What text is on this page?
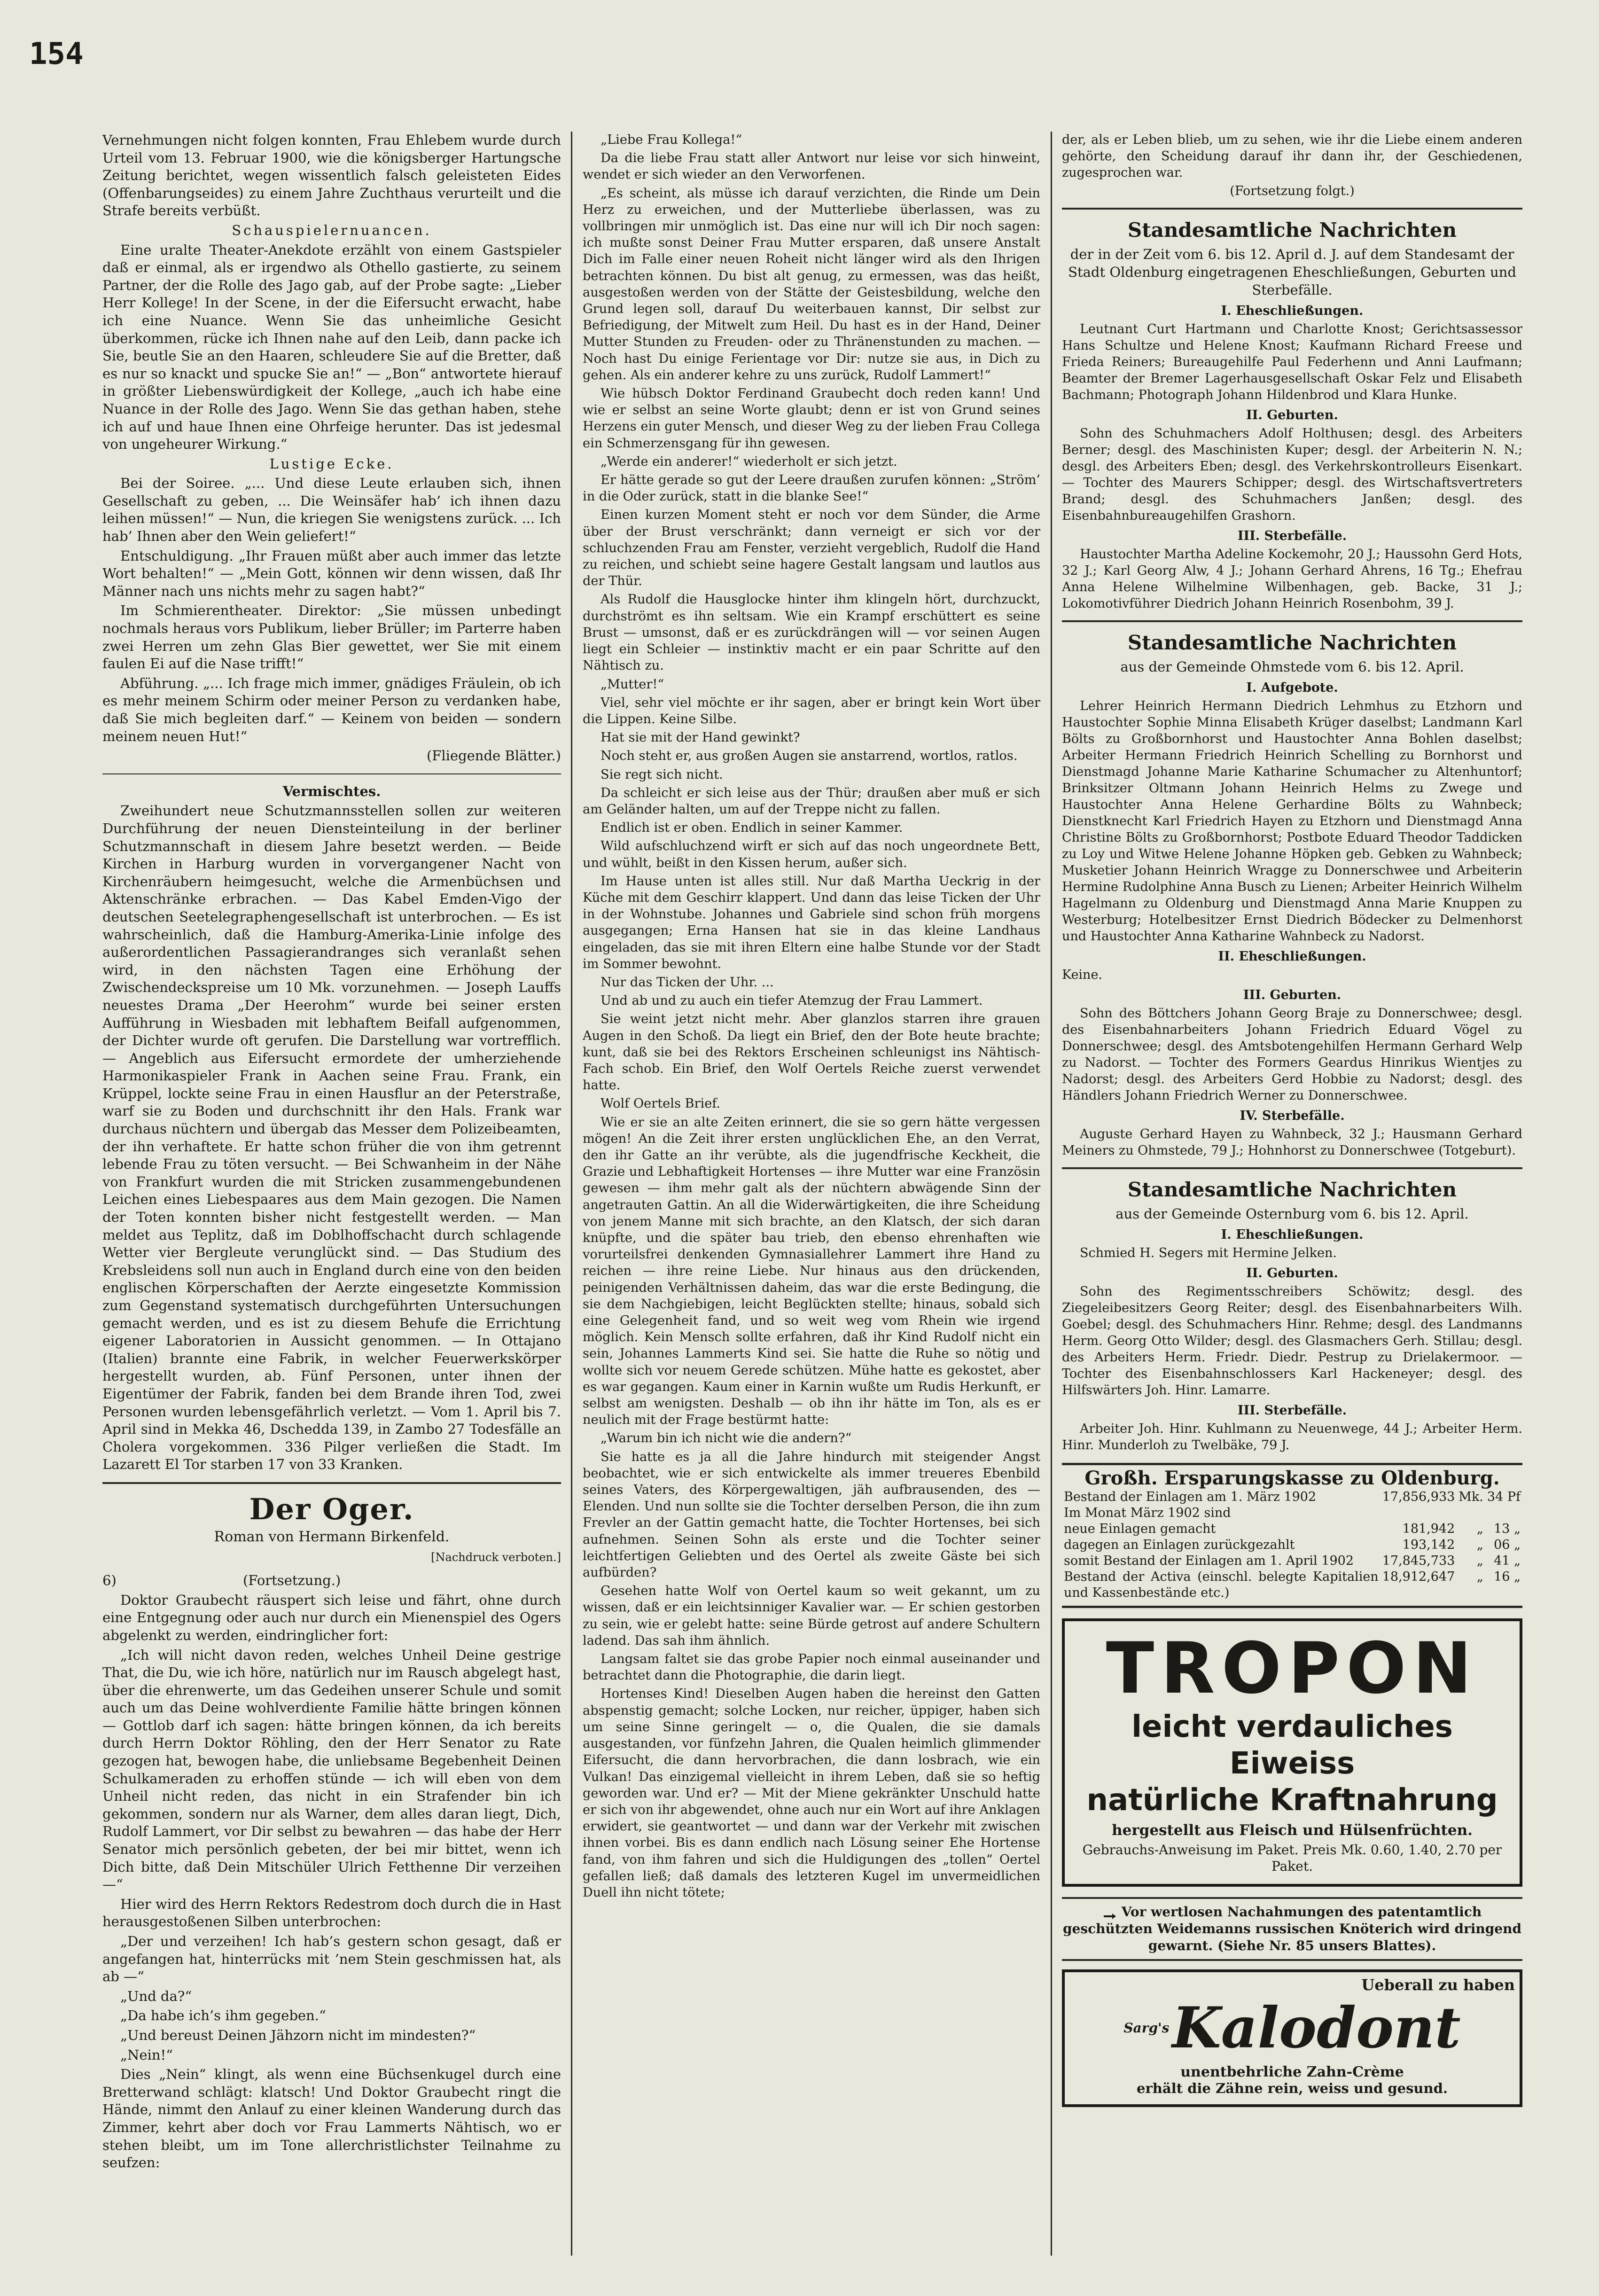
154

Vernehmungen nicht folgen konnten, Frau Ehlebem wurde durch Urteil vom 13. Februar 1900, wie die königsberger Hartungsche Zeitung berichtet, wegen wissentlich falsch geleisteten Eides (Offenbarungseides) zu einem Jahre Zuchthaus verurteilt und die Strafe bereits verbüßt.

Schauspielernuancen.

Eine uralte Theater-Anekdote erzählt von einem Gastspieler daß er einmal, als er irgendwo als Othello gastierte, zu seinem Partner, der die Rolle des Jago gab, auf der Probe sagte: „Lieber Herr Kollege! In der Scene, in der die Eifersucht erwacht, habe ich eine Nuance. Wenn Sie das unheimliche Gesicht überkommen, rücke ich Ihnen nahe auf den Leib, dann packe ich Sie, beutle Sie an den Haaren, schleudere Sie auf die Bretter, daß es nur so knackt und spucke Sie an!“ — „Bon“ antwortete hierauf in größter Liebenswürdigkeit der Kollege, „auch ich habe eine Nuance in der Rolle des Jago. Wenn Sie das gethan haben, stehe ich auf und haue Ihnen eine Ohrfeige herunter. Das ist jedesmal von ungeheurer Wirkung.“

Lustige Ecke.

Bei der Soiree. „... Und diese Leute erlauben sich, ihnen Gesellschaft zu geben, ... Die Weinsäfer hab’ ich ihnen dazu leihen müssen!“ — Nun, die kriegen Sie wenigstens zurück. ... Ich hab’ Ihnen aber den Wein geliefert!“

Entschuldigung. „Ihr Frauen müßt aber auch immer das letzte Wort behalten!“ — „Mein Gott, können wir denn wissen, daß Ihr Männer nach uns nichts mehr zu sagen habt?“

Im Schmierentheater. Direktor: „Sie müssen unbedingt nochmals heraus vors Publikum, lieber Brüller; im Parterre haben zwei Herren um zehn Glas Bier gewettet, wer Sie mit einem faulen Ei auf die Nase trifft!“

Abführung. „... Ich frage mich immer, gnädiges Fräulein, ob ich es mehr meinem Schirm oder meiner Person zu verdanken habe, daß Sie mich begleiten darf.“ — Keinem von beiden — sondern meinem neuen Hut!“

(Fliegende Blätter.)

Vermischtes.

Zweihundert neue Schutzmannsstellen sollen zur weiteren Durchführung der neuen Diensteinteilung in der berliner Schutzmannschaft in diesem Jahre besetzt werden. — Beide Kirchen in Harburg wurden in vorvergangener Nacht von Kirchenräubern heimgesucht, welche die Armenbüchsen und Aktenschränke erbrachen. — Das Kabel Emden-Vigo der deutschen Seetelegraphengesellschaft ist unterbrochen. — Es ist wahrscheinlich, daß die Hamburg-Amerika-Linie infolge des außerordentlichen Passagierandranges sich veranlaßt sehen wird, in den nächsten Tagen eine Erhöhung der Zwischendeckspreise um 10 Mk. vorzunehmen. — Joseph Lauffs neuestes Drama „Der Heerohm“ wurde bei seiner ersten Aufführung in Wiesbaden mit lebhaftem Beifall aufgenommen, der Dichter wurde oft gerufen. Die Darstellung war vortrefflich. — Angeblich aus Eifersucht ermordete der umherziehende Harmonikaspieler Frank in Aachen seine Frau. Frank, ein Krüppel, lockte seine Frau in einen Hausflur an der Peterstraße, warf sie zu Boden und durchschnitt ihr den Hals. Frank war durchaus nüchtern und übergab das Messer dem Polizeibeamten, der ihn verhaftete. Er hatte schon früher die von ihm getrennt lebende Frau zu töten versucht. — Bei Schwanheim in der Nähe von Frankfurt wurden die mit Stricken zusammengebundenen Leichen eines Liebespaares aus dem Main gezogen. Die Namen der Toten konnten bisher nicht festgestellt werden. — Man meldet aus Teplitz, daß im Doblhoffschacht durch schlagende Wetter vier Bergleute verunglückt sind. — Das Studium des Krebsleidens soll nun auch in England durch eine von den beiden englischen Körperschaften der Aerzte eingesetzte Kommission zum Gegenstand systematisch durchgeführten Untersuchungen gemacht werden, und es ist zu diesem Behufe die Errichtung eigener Laboratorien in Aussicht genommen. — In Ottajano (Italien) brannte eine Fabrik, in welcher Feuerwerkskörper hergestellt wurden, ab. Fünf Personen, unter ihnen der Eigentümer der Fabrik, fanden bei dem Brande ihren Tod, zwei Personen wurden lebensgefährlich verletzt. — Vom 1. April bis 7. April sind in Mekka 46, Dschedda 139, in Zambo 27 Todesfälle an Cholera vorgekommen. 336 Pilger verließen die Stadt. Im Lazarett El Tor starben 17 von 33 Kranken.

Der Oger.
Roman von Hermann Birkenfeld.
[Nachdruck verboten.]

6)	(Fortsetzung.)

Doktor Graubecht räuspert sich leise und fährt, ohne durch eine Entgegnung oder auch nur durch ein Mienenspiel des Ogers abgelenkt zu werden, eindringlicher fort:

„Ich will nicht davon reden, welches Unheil Deine gestrige That, die Du, wie ich höre, natürlich nur im Rausch abgelegt hast, über die ehrenwerte, um das Gedeihen unserer Schule und somit auch um das Deine wohlverdiente Familie hätte bringen können — Gottlob darf ich sagen: hätte bringen können, da ich bereits durch Herrn Doktor Röhling, den der Herr Senator zu Rate gezogen hat, bewogen habe, die unliebsame Begebenheit Deinen Schulkameraden zu erhoffen stünde — ich will eben von dem Unheil nicht reden, das nicht in ein Strafender bin ich gekommen, sondern nur als Warner, dem alles daran liegt, Dich, Rudolf Lammert, vor Dir selbst zu bewahren — das habe der Herr Senator mich persönlich gebeten, der bei mir bittet, wenn ich Dich bitte, daß Dein Mitschüler Ulrich Fetthenne Dir verzeihen —“

Hier wird des Herrn Rektors Redestrom doch durch die in Hast herausgestoßenen Silben unterbrochen:

„Der und verzeihen! Ich hab’s gestern schon gesagt, daß er angefangen hat, hinterrücks mit ’nem Stein geschmissen hat, als ab —“

„Und da?“

„Da habe ich’s ihm gegeben.“

„Und bereust Deinen Jähzorn nicht im mindesten?“

„Nein!“

Dies „Nein“ klingt, als wenn eine Büchsenkugel durch eine Bretterwand schlägt: klatsch! Und Doktor Graubecht ringt die Hände, nimmt den Anlauf zu einer kleinen Wanderung durch das Zimmer, kehrt aber doch vor Frau Lammerts Nähtisch, wo er stehen bleibt, um im Tone allerchristlichster Teilnahme zu seufzen:

„Liebe Frau Kollega!“

Da die liebe Frau statt aller Antwort nur leise vor sich hinweint, wendet er sich wieder an den Verworfenen.

„Es scheint, als müsse ich darauf verzichten, die Rinde um Dein Herz zu erweichen, und der Mutterliebe überlassen, was zu vollbringen mir unmöglich ist. Das eine nur will ich Dir noch sagen: ich mußte sonst Deiner Frau Mutter ersparen, daß unsere Anstalt Dich im Falle einer neuen Roheit nicht länger wird als den Ihrigen betrachten können. Du bist alt genug, zu ermessen, was das heißt, ausgestoßen werden von der Stätte der Geistesbildung, welche den Grund legen soll, darauf Du weiterbauen kannst, Dir selbst zur Befriedigung, der Mitwelt zum Heil. Du hast es in der Hand, Deiner Mutter Stunden zu Freuden- oder zu Thränenstunden zu machen. — Noch hast Du einige Ferientage vor Dir: nutze sie aus, in Dich zu gehen. Als ein anderer kehre zu uns zurück, Rudolf Lammert!“

Wie hübsch Doktor Ferdinand Graubecht doch reden kann! Und wie er selbst an seine Worte glaubt; denn er ist von Grund seines Herzens ein guter Mensch, und dieser Weg zu der lieben Frau Collega ein Schmerzensgang für ihn gewesen.

„Werde ein anderer!“ wiederholt er sich jetzt.

Er hätte gerade so gut der Leere draußen zurufen können: „Ström’ in die Oder zurück, statt in die blanke See!“

Einen kurzen Moment steht er noch vor dem Sünder, die Arme über der Brust verschränkt; dann verneigt er sich vor der schluchzenden Frau am Fenster, verzieht vergeblich, Rudolf die Hand zu reichen, und schiebt seine hagere Gestalt langsam und lautlos aus der Thür.

Als Rudolf die Hausglocke hinter ihm klingeln hört, durchzuckt, durchströmt es ihn seltsam. Wie ein Krampf erschüttert es seine Brust — umsonst, daß er es zurückdrängen will — vor seinen Augen liegt ein Schleier — instinktiv macht er ein paar Schritte auf den Nähtisch zu.

„Mutter!“

Viel, sehr viel möchte er ihr sagen, aber er bringt kein Wort über die Lippen. Keine Silbe.

Hat sie mit der Hand gewinkt?

Noch steht er, aus großen Augen sie anstarrend, wortlos, ratlos.

Sie regt sich nicht.

Da schleicht er sich leise aus der Thür; draußen aber muß er sich am Geländer halten, um auf der Treppe nicht zu fallen.

Endlich ist er oben. Endlich in seiner Kammer.

Wild aufschluchzend wirft er sich auf das noch ungeordnete Bett, und wühlt, beißt in den Kissen herum, außer sich.

Im Hause unten ist alles still. Nur daß Martha Ueckrig in der Küche mit dem Geschirr klappert. Und dann das leise Ticken der Uhr in der Wohnstube. Johannes und Gabriele sind schon früh morgens ausgegangen; Erna Hansen hat sie in das kleine Landhaus eingeladen, das sie mit ihren Eltern eine halbe Stunde vor der Stadt im Sommer bewohnt.

Nur das Ticken der Uhr. ...

Und ab und zu auch ein tiefer Atemzug der Frau Lammert.

Sie weint jetzt nicht mehr. Aber glanzlos starren ihre grauen Augen in den Schoß. Da liegt ein Brief, den der Bote heute brachte; kunt, daß sie bei des Rektors Erscheinen schleunigst ins Nähtisch-Fach schob. Ein Brief, den Wolf Oertels Reiche zuerst verwendet hatte.

Wolf Oertels Brief.

Wie er sie an alte Zeiten erinnert, die sie so gern hätte vergessen mögen! An die Zeit ihrer ersten unglücklichen Ehe, an den Verrat, den ihr Gatte an ihr verübte, als die jugendfrische Keckheit, die Grazie und Lebhaftigkeit Hortenses — ihre Mutter war eine Französin gewesen — ihm mehr galt als der nüchtern abwägende Sinn der angetrauten Gattin. An all die Widerwärtigkeiten, die ihre Scheidung von jenem Manne mit sich brachte, an den Klatsch, der sich daran knüpfte, und die später bau trieb, den ebenso ehrenhaften wie vorurteilsfrei denkenden Gymnasiallehrer Lammert ihre Hand zu reichen — ihre reine Liebe. Nur hinaus aus den drückenden, peinigenden Verhältnissen daheim, das war die erste Bedingung, die sie dem Nachgiebigen, leicht Beglückten stellte; hinaus, sobald sich eine Gelegenheit fand, und so weit weg vom Rhein wie irgend möglich. Kein Mensch sollte erfahren, daß ihr Kind Rudolf nicht ein sein, Johannes Lammerts Kind sei. Sie hatte die Ruhe so nötig und wollte sich vor neuem Gerede schützen. Mühe hatte es gekostet, aber es war gegangen. Kaum einer in Karnin wußte um Rudis Herkunft, er selbst am wenigsten. Deshalb — ob ihn ihr hätte im Ton, als es er neulich mit der Frage bestürmt hatte:

„Warum bin ich nicht wie die andern?“

Sie hatte es ja all die Jahre hindurch mit steigender Angst beobachtet, wie er sich entwickelte als immer treueres Ebenbild seines Vaters, des Körpergewaltigen, jäh aufbrausenden, des — Elenden. Und nun sollte sie die Tochter derselben Person, die ihn zum Frevler an der Gattin gemacht hatte, die Tochter Hortenses, bei sich aufnehmen. Seinen Sohn als erste und die Tochter seiner leichtfertigen Geliebten und des Oertel als zweite Gäste bei sich aufbürden?

Gesehen hatte Wolf von Oertel kaum so weit gekannt, um zu wissen, daß er ein leichtsinniger Kavalier war. — Er schien gestorben zu sein, wie er gelebt hatte: seine Bürde getrost auf andere Schultern ladend. Das sah ihm ähnlich.

Langsam faltet sie das grobe Papier noch einmal auseinander und betrachtet dann die Photographie, die darin liegt.

Hortenses Kind! Dieselben Augen haben die hereinst den Gatten abspenstig gemacht; solche Locken, nur reicher, üppiger, haben sich um seine Sinne geringelt — o, die Qualen, die sie damals ausgestanden, vor fünfzehn Jahren, die Qualen heimlich glimmender Eifersucht, die dann hervorbrachen, die dann losbrach, wie ein Vulkan! Das einzigemal vielleicht in ihrem Leben, daß sie so heftig geworden war. Und er? — Mit der Miene gekränkter Unschuld hatte er sich von ihr abgewendet, ohne auch nur ein Wort auf ihre Anklagen erwidert, sie geantwortet — und dann war der Verkehr mit zwischen ihnen vorbei. Bis es dann endlich nach Lösung seiner Ehe Hortense fand, von ihm fahren und sich die Huldigungen des „tollen“ Oertel gefallen ließ; daß damals des letzteren Kugel im unvermeidlichen Duell ihn nicht tötete;

der, als er Leben blieb, um zu sehen, wie ihr die Liebe einem anderen gehörte, den Scheidung darauf ihr dann ihr, der Geschiedenen, zugesprochen war.

(Fortsetzung folgt.)

Standesamtliche Nachrichten
der in der Zeit vom 6. bis 12. April d. J. auf dem Standesamt der Stadt Oldenburg eingetragenen Eheschließungen, Geburten und Sterbefälle.
I. Eheschließungen.

Leutnant Curt Hartmann und Charlotte Knost; Gerichtsassessor Hans Schultze und Helene Knost; Kaufmann Richard Freese und Frieda Reiners; Bureaugehilfe Paul Federhenn und Anni Laufmann; Beamter der Bremer Lagerhausgesellschaft Oskar Felz und Elisabeth Bachmann; Photograph Johann Hildenbrod und Klara Hunke.

II. Geburten.

Sohn des Schuhmachers Adolf Holthusen; desgl. des Arbeiters Berner; desgl. des Maschinisten Kuper; desgl. der Arbeiterin N. N.; desgl. des Arbeiters Eben; desgl. des Verkehrskontrolleurs Eisenkart. — Tochter des Maurers Schipper; desgl. des Wirtschaftsvertreters Brand; desgl. des Schuhmachers Janßen; desgl. des Eisenbahnbureaugehilfen Grashorn.

III. Sterbefälle.

Haustochter Martha Adeline Kockemohr, 20 J.; Haussohn Gerd Hots, 32 J.; Karl Georg Alw, 4 J.; Johann Gerhard Ahrens, 16 Tg.; Ehefrau Anna Helene Wilhelmine Wilbenhagen, geb. Backe, 31 J.; Lokomotivführer Diedrich Johann Heinrich Rosenbohm, 39 J.

Standesamtliche Nachrichten
aus der Gemeinde Ohmstede vom 6. bis 12. April.
I. Aufgebote.

Lehrer Heinrich Hermann Diedrich Lehmhus zu Etzhorn und Haustochter Sophie Minna Elisabeth Krüger daselbst; Landmann Karl Bölts zu Großbornhorst und Haustochter Anna Bohlen daselbst; Arbeiter Hermann Friedrich Heinrich Schelling zu Bornhorst und Dienstmagd Johanne Marie Katharine Schumacher zu Altenhuntorf; Brinksitzer Oltmann Johann Heinrich Helms zu Zwege und Haustochter Anna Helene Gerhardine Bölts zu Wahnbeck; Dienstknecht Karl Friedrich Hayen zu Etzhorn und Dienstmagd Anna Christine Bölts zu Großbornhorst; Postbote Eduard Theodor Taddicken zu Loy und Witwe Helene Johanne Höpken geb. Gebken zu Wahnbeck; Musketier Johann Heinrich Wragge zu Donnerschwee und Arbeiterin Hermine Rudolphine Anna Busch zu Lienen; Arbeiter Heinrich Wilhelm Hagelmann zu Oldenburg und Dienstmagd Anna Marie Knuppen zu Westerburg; Hotelbesitzer Ernst Diedrich Bödecker zu Delmenhorst und Haustochter Anna Katharine Wahnbeck zu Nadorst.

II. Eheschließungen.

Keine.

III. Geburten.

Sohn des Böttchers Johann Georg Braje zu Donnerschwee; desgl. des Eisenbahnarbeiters Johann Friedrich Eduard Vögel zu Donnerschwee; desgl. des Amtsbotengehilfen Hermann Gerhard Welp zu Nadorst. — Tochter des Formers Geardus Hinrikus Wientjes zu Nadorst; desgl. des Arbeiters Gerd Hobbie zu Nadorst; desgl. des Händlers Johann Friedrich Werner zu Donnerschwee.

IV. Sterbefälle.

Auguste Gerhard Hayen zu Wahnbeck, 32 J.; Hausmann Gerhard Meiners zu Ohmstede, 79 J.; Hohnhorst zu Donnerschwee (Totgeburt).

Standesamtliche Nachrichten
aus der Gemeinde Osternburg vom 6. bis 12. April.
I. Eheschließungen.

Schmied H. Segers mit Hermine Jelken.

II. Geburten.

Sohn des Regimentsschreibers Schöwitz; desgl. des Ziegeleibesitzers Georg Reiter; desgl. des Eisenbahnarbeiters Wilh. Goebel; desgl. des Schuhmachers Hinr. Rehme; desgl. des Landmanns Herm. Georg Otto Wilder; desgl. des Glasmachers Gerh. Stillau; desgl. des Arbeiters Herm. Friedr. Diedr. Pestrup zu Drielakermoor. — Tochter des Eisenbahnschlossers Karl Hackeneyer; desgl. des Hilfswärters Joh. Hinr. Lamarre.

III. Sterbefälle.

Arbeiter Joh. Hinr. Kuhlmann zu Neuenwege, 44 J.; Arbeiter Herm. Hinr. Munderloh zu Twelbäke, 79 J.

Großh. Ersparungskasse zu Oldenburg.
Bestand der Einlagen am 1. März 1902	17,856,933	Mk.	34 Pf
Im Monat März 1902 sind			
neue Einlagen gemacht	181,942	„	13 „
dagegen an Einlagen zurückgezahlt	193,142	„	06 „
somit Bestand der Einlagen am 1. April 1902	17,845,733	„	41 „
Bestand der Activa (einschl. belegte Kapitalien und Kassenbestände etc.)	18,912,647	„	16 „
TROPON
leicht verdauliches Eiweiss
natürliche Kraftnahrung
hergestellt aus Fleisch und Hülsenfrüchten.
Gebrauchs-Anweisung im Paket. Preis Mk. 0.60, 1.40, 2.70 per Paket.
Vor wertlosen Nachahmungen des patentamtlich geschützten Weidemanns russischen Knöterich wird dringend gewarnt. (Siehe Nr. 85 unsers Blattes).
Ueberall zu haben
$^{Sarg's}$Kalodont
unentbehrliche Zahn-Crème
erhält die Zähne rein, weiss und gesund.
